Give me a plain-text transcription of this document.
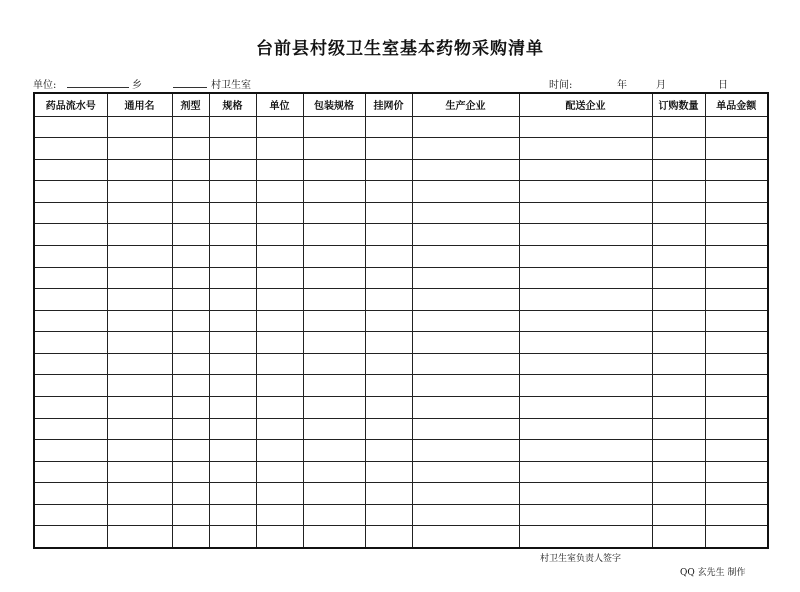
台前县村级卫生室基本药物采购清单
单位:	乡	村卫生室	时间:	年	月	日
药品流水号	通用名	剂型	规格	单位	包装规格	挂网价	生产企业	配送企业	订购数量	单品金额

村卫生室负责人签字
QQ 玄先生 制作
